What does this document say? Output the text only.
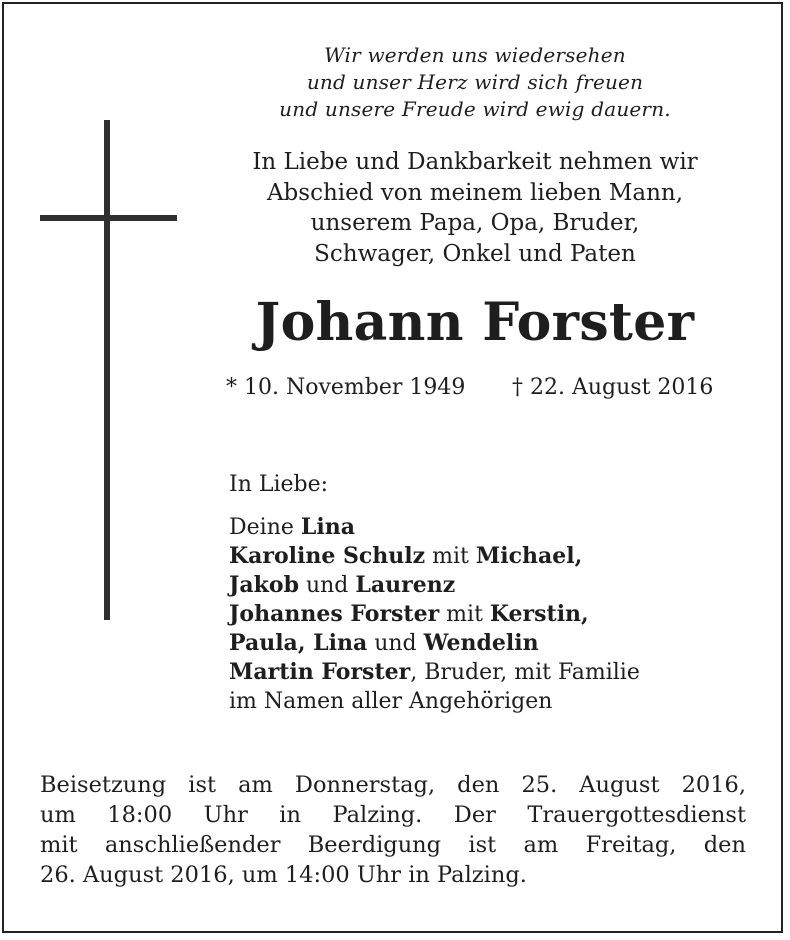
Wir werden uns wiedersehen
und unser Herz wird sich freuen
und unsere Freude wird ewig dauern.
In Liebe und Dankbarkeit nehmen wir
Abschied von meinem lieben Mann,
unserem Papa, Opa, Bruder,
Schwager, Onkel und Paten
Johann Forster
* 10. November 1949 † 22. August 2016
In Liebe:
Deine Lina
Karoline Schulz mit Michael,
Jakob und Laurenz
Johannes Forster mit Kerstin,
Paula, Lina und Wendelin
Martin Forster, Bruder, mit Familie
im Namen aller Angehörigen
Beisetzung ist am Donnerstag, den 25. August 2016,
um 18:00 Uhr in Palzing. Der Trauergottesdienst
mit anschließender Beerdigung ist am Freitag, den
26. August 2016, um 14:00 Uhr in Palzing.
